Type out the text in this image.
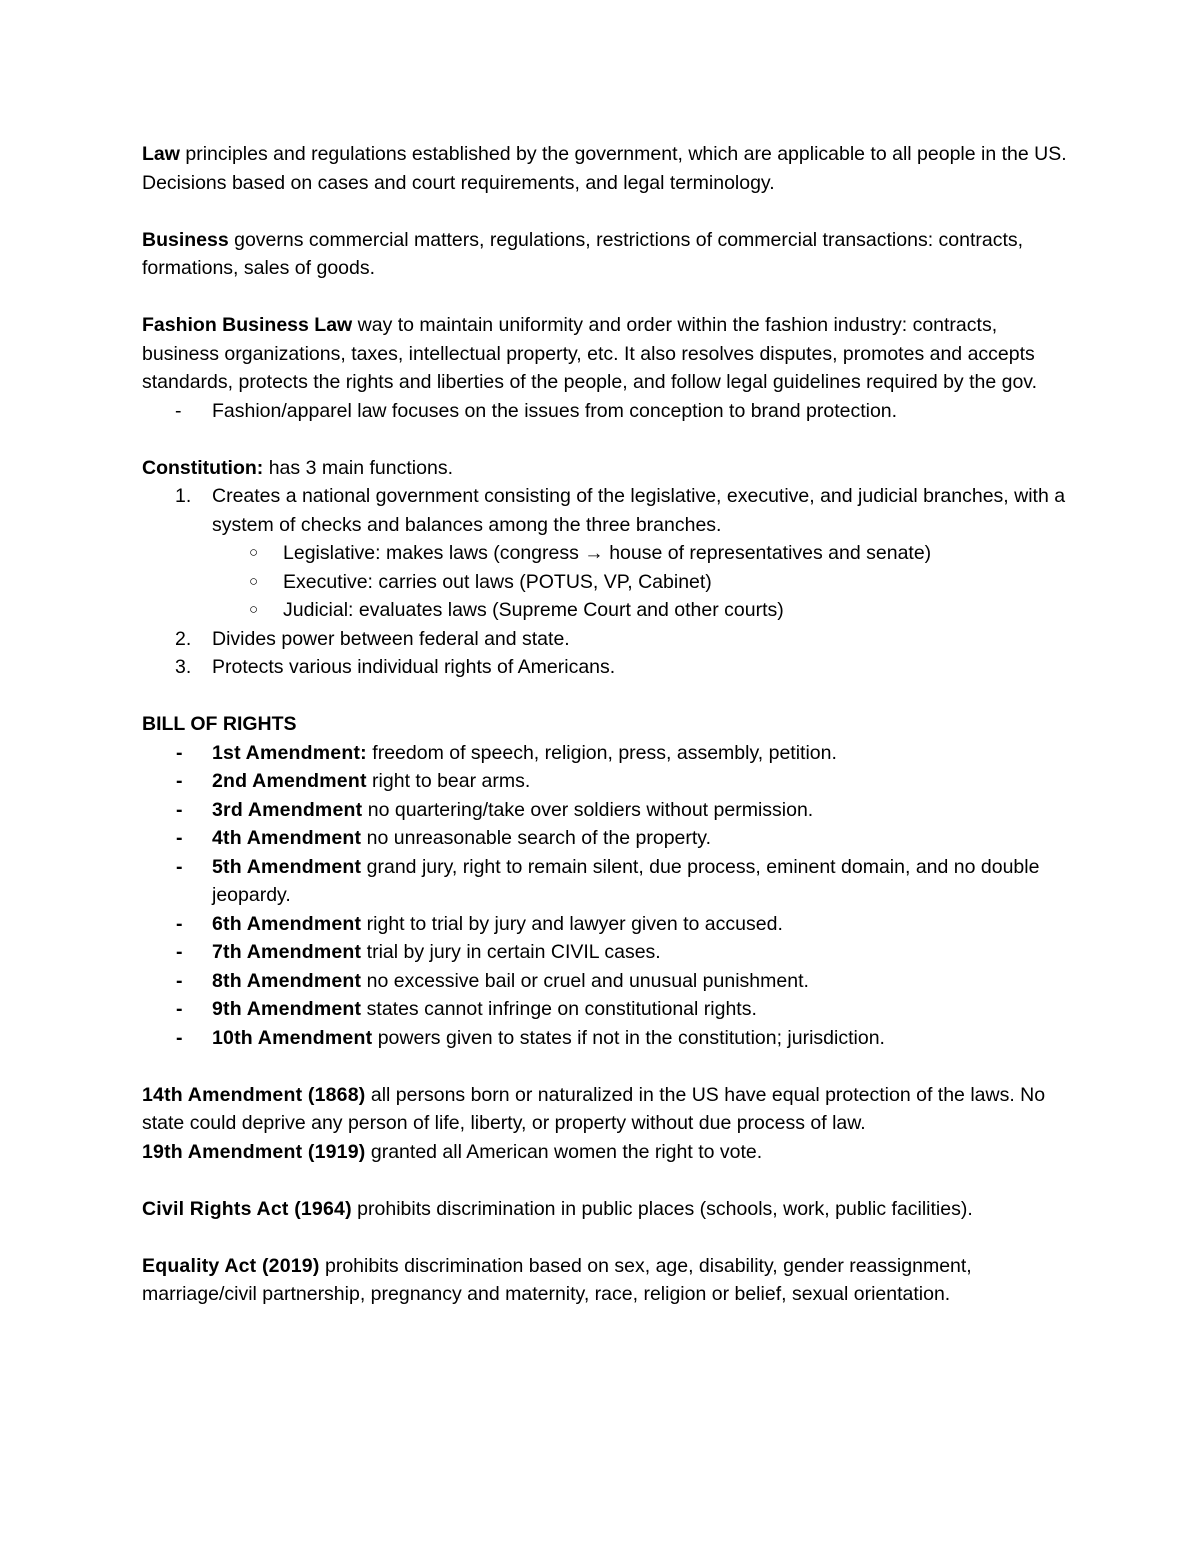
Law principles and regulations established by the government, which are applicable to all people in the US. Decisions based on cases and court requirements, and legal terminology.

Business governs commercial matters, regulations, restrictions of commercial transactions: contracts, formations, sales of goods.

Fashion Business Law way to maintain uniformity and order within the fashion industry: contracts, business organizations, taxes, intellectual property, etc. It also resolves disputes, promotes and accepts standards, protects the rights and liberties of the people, and follow legal guidelines required by the gov.

- Fashion/apparel law focuses on the issues from conception to brand protection.

Constitution: has 3 main functions.

1. Creates a national government consisting of the legislative, executive, and judicial branches, with a system of checks and balances among the three branches.
○ Legislative: makes laws (congress → house of representatives and senate)
○ Executive: carries out laws (POTUS, VP, Cabinet)
○ Judicial: evaluates laws (Supreme Court and other courts)
2. Divides power between federal and state.
3. Protects various individual rights of Americans.

BILL OF RIGHTS

- 1st Amendment: freedom of speech, religion, press, assembly, petition.
- 2nd Amendment right to bear arms.
- 3rd Amendment no quartering/take over soldiers without permission.
- 4th Amendment no unreasonable search of the property.
- 5th Amendment grand jury, right to remain silent, due process, eminent domain, and no double jeopardy.
- 6th Amendment right to trial by jury and lawyer given to accused.
- 7th Amendment trial by jury in certain CIVIL cases.
- 8th Amendment no excessive bail or cruel and unusual punishment.
- 9th Amendment states cannot infringe on constitutional rights.
- 10th Amendment powers given to states if not in the constitution; jurisdiction.

14th Amendment (1868) all persons born or naturalized in the US have equal protection of the laws. No state could deprive any person of life, liberty, or property without due process of law.

19th Amendment (1919) granted all American women the right to vote.

Civil Rights Act (1964) prohibits discrimination in public places (schools, work, public facilities).

Equality Act (2019) prohibits discrimination based on sex, age, disability, gender reassignment, marriage/civil partnership, pregnancy and maternity, race, religion or belief, sexual orientation.
